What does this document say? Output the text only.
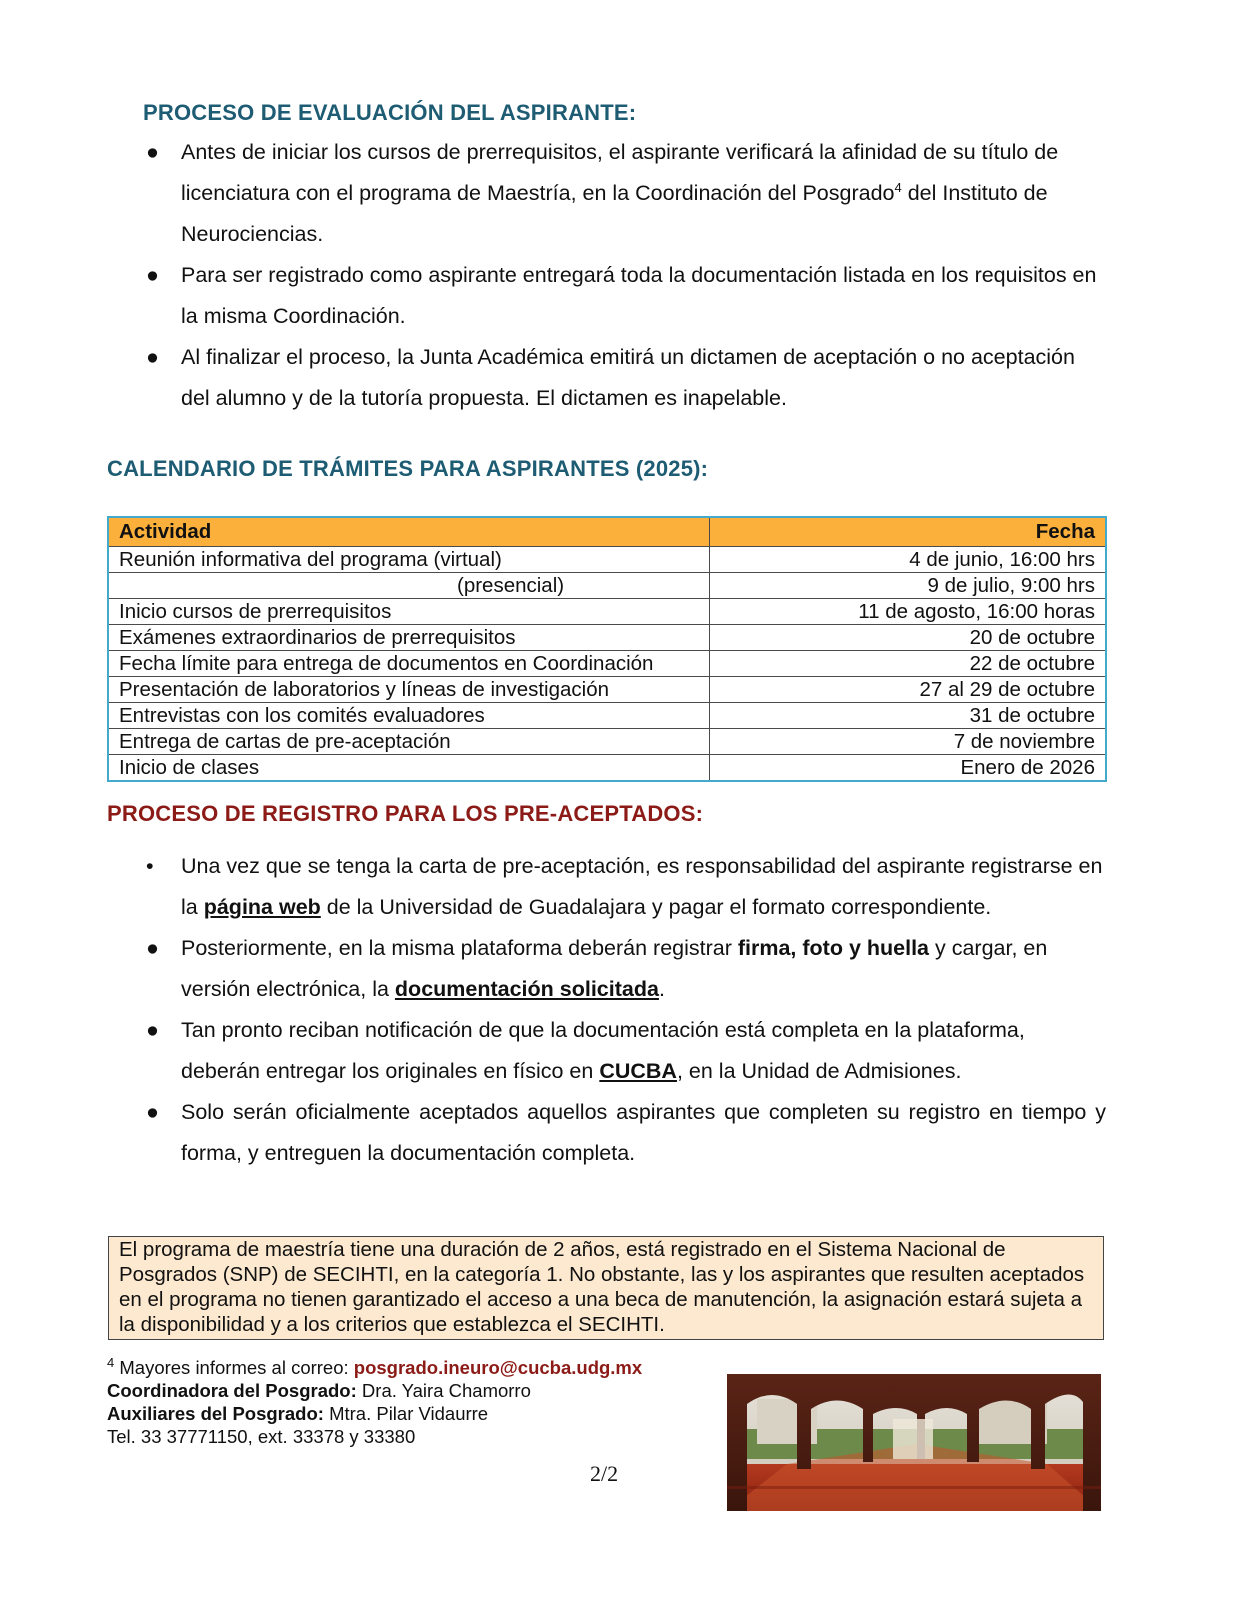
PROCESO DE EVALUACIÓN DEL ASPIRANTE:
● Antes de iniciar los cursos de prerrequisitos, el aspirante verificará la afinidad de su título de licenciatura con el programa de Maestría, en la Coordinación del Posgrado$^4$ del Instituto de Neurociencias.
● Para ser registrado como aspirante entregará toda la documentación listada en los requisitos en la misma Coordinación.
● Al finalizar el proceso, la Junta Académica emitirá un dictamen de aceptación o no aceptación del alumno y de la tutoría propuesta. El dictamen es inapelable.
CALENDARIO DE TRÁMITES PARA ASPIRANTES (2025):
Actividad	Fecha
Reunión informativa del programa (virtual)	4 de junio, 16:00 hrs
(presencial)	9 de julio, 9:00 hrs
Inicio cursos de prerrequisitos	11 de agosto, 16:00 horas
Exámenes extraordinarios de prerrequisitos	20 de octubre
Fecha límite para entrega de documentos en Coordinación	22 de octubre
Presentación de laboratorios y líneas de investigación	27 al 29 de octubre
Entrevistas con los comités evaluadores	31 de octubre
Entrega de cartas de pre-aceptación	7 de noviembre
Inicio de clases	Enero de 2026
PROCESO DE REGISTRO PARA LOS PRE-ACEPTADOS:
• Una vez que se tenga la carta de pre-aceptación, es responsabilidad del aspirante registrarse en la página web de la Universidad de Guadalajara y pagar el formato correspondiente.
● Posteriormente, en la misma plataforma deberán registrar firma, foto y huella y cargar, en versión electrónica, la documentación solicitada.
● Tan pronto reciban notificación de que la documentación está completa en la plataforma, deberán entregar los originales en físico en CUCBA, en la Unidad de Admisiones.
● Solo serán oficialmente aceptados aquellos aspirantes que completen su registro en tiempo y forma, y entreguen la documentación completa.
El programa de maestría tiene una duración de 2 años, está registrado en el Sistema Nacional de Posgrados (SNP) de SECIHTI, en la categoría 1. No obstante, las y los aspirantes que resulten aceptados en el programa no tienen garantizado el acceso a una beca de manutención, la asignación estará sujeta a la disponibilidad y a los criterios que establezca el SECIHTI.
$^4$ Mayores informes al correo: posgrado.ineuro@cucba.udg.mx
Coordinadora del Posgrado: Dra. Yaira Chamorro
Auxiliares del Posgrado: Mtra. Pilar Vidaurre
Tel. 33 37771150, ext. 33378 y 33380
2/2
